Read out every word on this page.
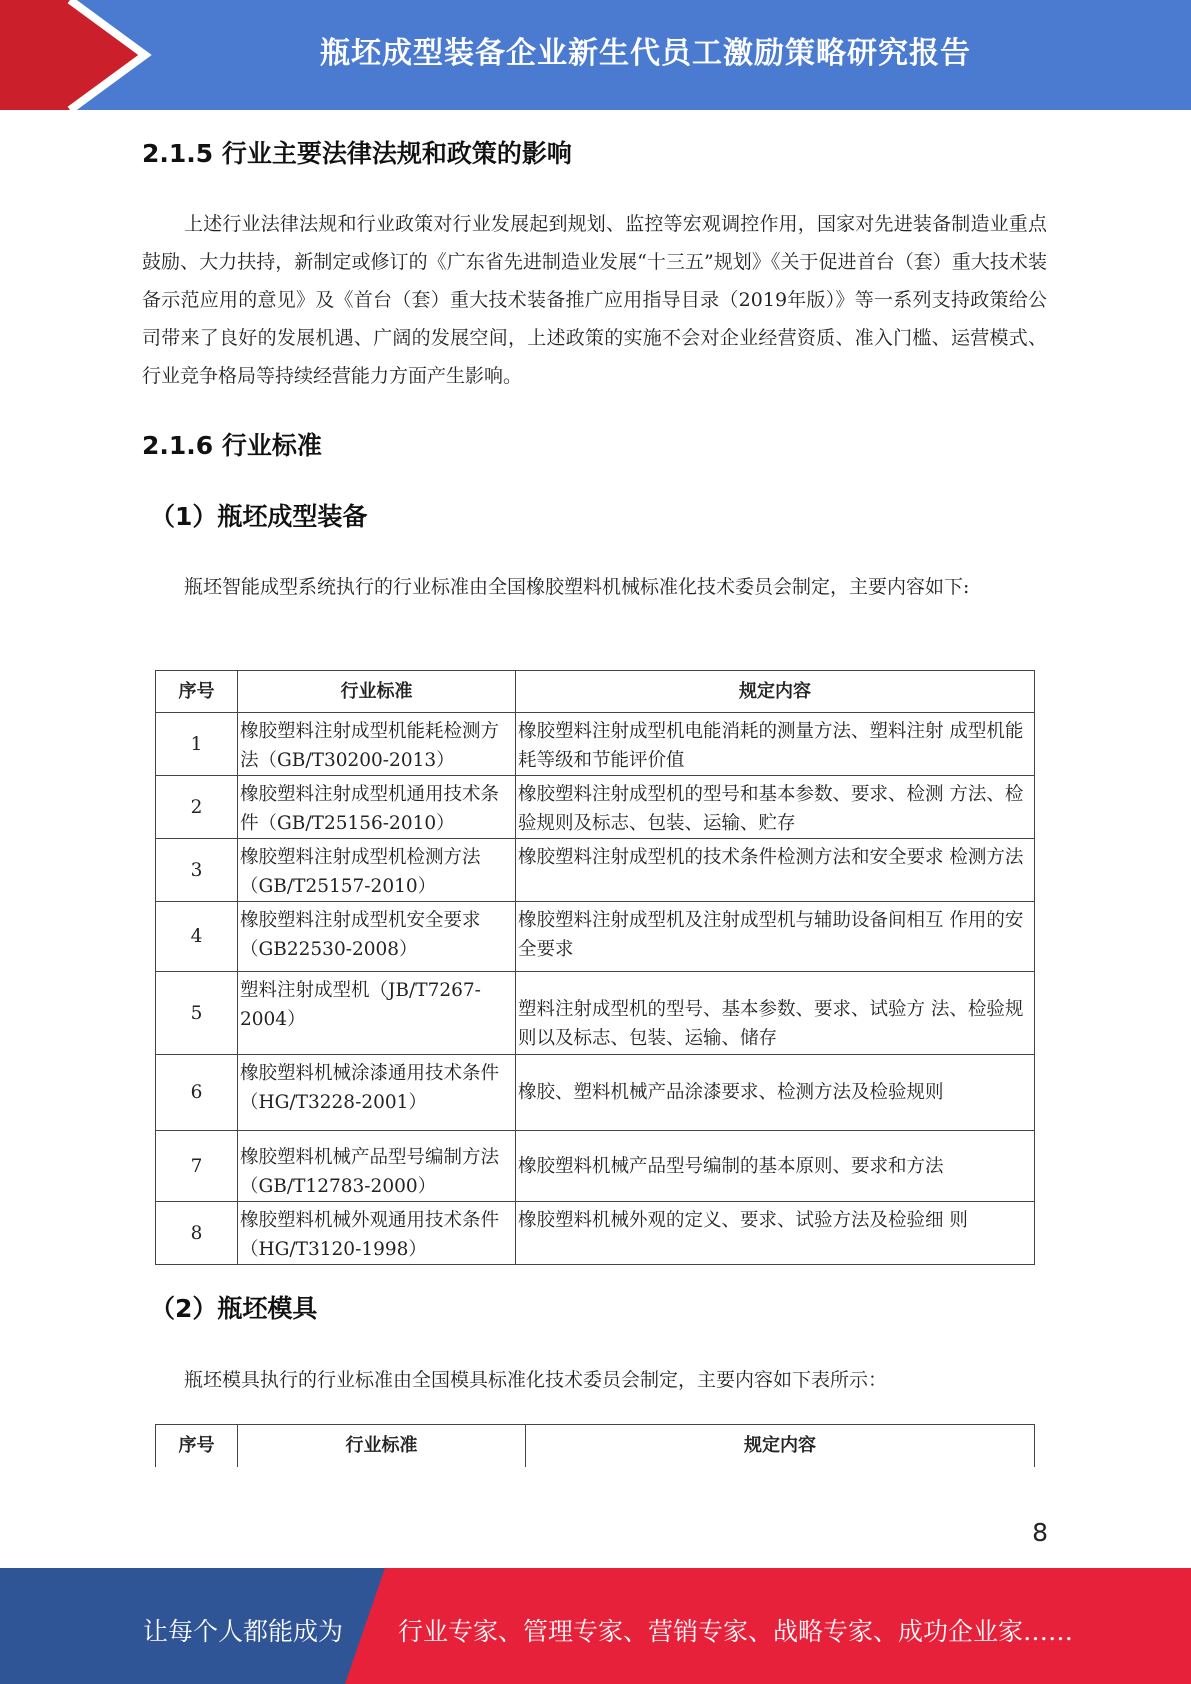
瓶坯成型装备企业新生代员工激励策略研究报告
2.1.5 行业主要法律法规和政策的影响
上述行业法律法规和行业政策对行业发展起到规划、监控等宏观调控作用，国家对先进装备制造业重点鼓励、大力扶持，新制定或修订的《广东省先进制造业发展“十三五”规划》《关于促进首台（套）重大技术装备示范应用的意见》及《首台（套）重大技术装备推广应用指导目录（2019年版）》等一系列支持政策给公司带来了良好的发展机遇、广阔的发展空间，上述政策的实施不会对企业经营资质、准入门槛、运营模式、行业竞争格局等持续经营能力方面产生影响。
2.1.6 行业标准
（1）瓶坯成型装备
瓶坯智能成型系统执行的行业标准由全国橡胶塑料机械标准化技术委员会制定，主要内容如下:
序号	行业标准	规定内容
1	橡胶塑料注射成型机能耗检测方法（GB/T30200-2013）	橡胶塑料注射成型机电能消耗的测量方法、塑料注射 成型机能耗等级和节能评价值
2	橡胶塑料注射成型机通用技术条件（GB/T25156-2010）	橡胶塑料注射成型机的型号和基本参数、要求、检测 方法、检验规则及标志、包装、运输、贮存
3	橡胶塑料注射成型机检测方法（GB/T25157-2010）	橡胶塑料注射成型机的技术条件检测方法和安全要求 检测方法
4	橡胶塑料注射成型机安全要求（GB22530-2008）	橡胶塑料注射成型机及注射成型机与辅助设备间相互 作用的安全要求
5	塑料注射成型机（JB/T7267-2004）	塑料注射成型机的型号、基本参数、要求、试验方 法、检验规则以及标志、包装、运输、储存
6	橡胶塑料机械涂漆通用技术条件（HG/T3228-2001）	橡胶、塑料机械产品涂漆要求、检测方法及检验规则
7	橡胶塑料机械产品型号编制方法（GB/T12783-2000）	橡胶塑料机械产品型号编制的基本原则、要求和方法
8	橡胶塑料机械外观通用技术条件（HG/T3120-1998）	橡胶塑料机械外观的定义、要求、试验方法及检验细 则
（2）瓶坯模具
瓶坯模具执行的行业标准由全国模具标准化技术委员会制定，主要内容如下表所示：
序号	行业标准	规定内容
8
让每个人都能成为 行业专家、管理专家、营销专家、战略专家、成功企业家……
